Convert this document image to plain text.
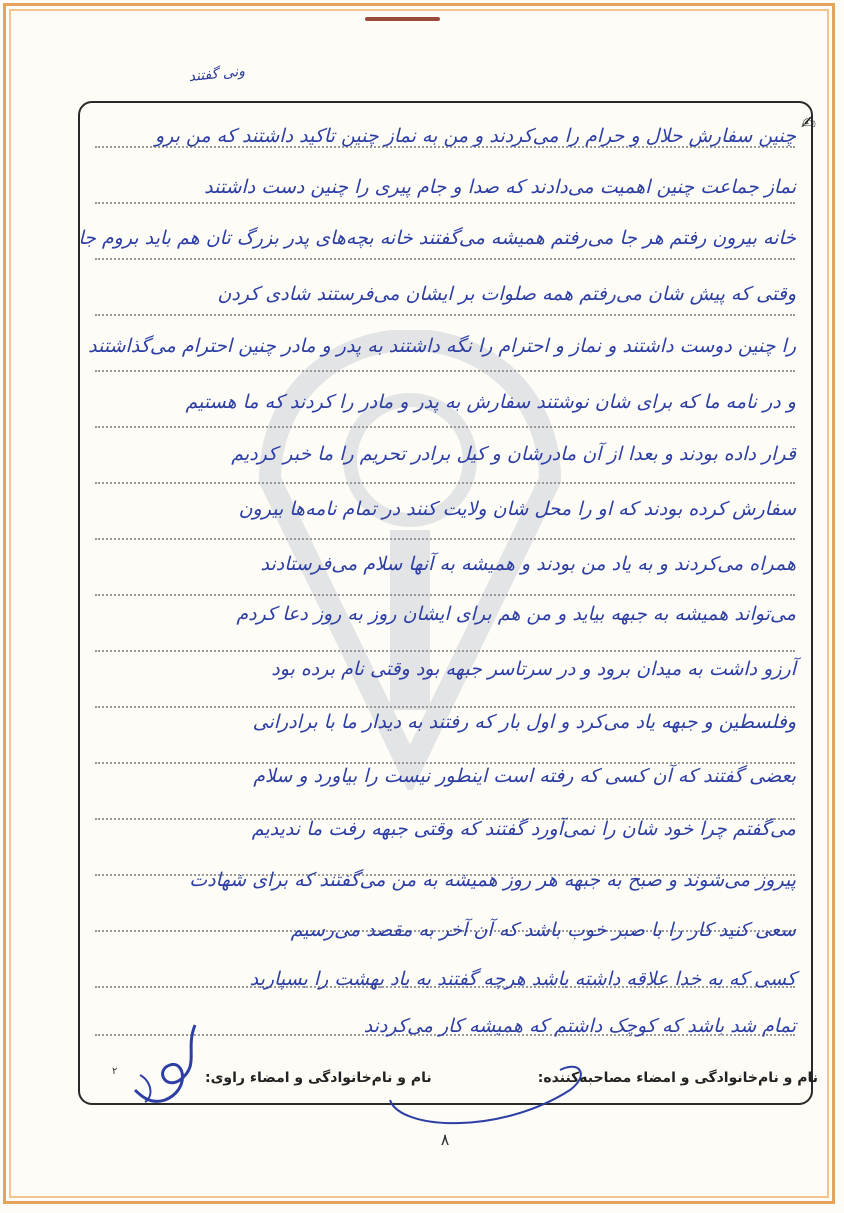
ونی گفتند
✍
چنین سفارش حلال و حرام را می‌کردند و من به نماز چنین تاکید داشتند که من برو
نماز جماعت چنین اهمیت می‌دادند که صدا و جام پیری را چنین دست داشتند
خانه بیرون رفتم هر جا می‌رفتم همیشه می‌گفتند خانه بچه‌های پدر بزرگ تان هم باید بروم جا
وقتی که پیش شان می‌رفتم همه صلوات بر ایشان می‌فرستند شادی کردن
را چنین دوست داشتند و نماز و احترام را نگه داشتند به پدر و مادر چنین احترام می‌گذاشتند
و در نامه ما که برای شان نوشتند سفارش به پدر و مادر را کردند که ما هستیم
قرار داده بودند و بعدا از آن مادرشان و کیل برادر تحریم را ما خبر کردیم
سفارش کرده بودند که او را محل شان ولایت کنند در تمام نامه‌ها بیرون
همراه می‌کردند و به یاد من بودند و همیشه به آنها سلام می‌فرستادند
می‌تواند همیشه به جبهه بیاید و من هم برای ایشان روز به روز دعا کردم
آرزو داشت به میدان برود و در سرتاسر جبهه بود وقتی نام برده بود
وفلسطین و جبهه یاد می‌کرد و اول بار که رفتند به دیدار ما با برادرانی
بعضی گفتند که آن کسی که رفته است اینطور نیست را بیاورد و سلام
می‌گفتم چرا خود شان را نمی‌آورد گفتند که وقتی جبهه رفت ما ندیدیم
پیروز می‌شوند و صبح به جبهه هر روز همیشه به من می‌گفتند که برای شهادت
سعی کنید کار را با صبر خوب باشد که آن آخر به مقصد می‌رسیم
کسی که به خدا علاقه داشته باشد هرچه گفتند به یاد بهشت را بسپارید
تمام شد باشد که کوچک داشتم که همیشه کار می‌کردند
۲	نام و نام‌خانوادگی و امضاء راوی:	نام و نام‌خانوادگی و امضاء مصاحبه‌کننده:
۸
